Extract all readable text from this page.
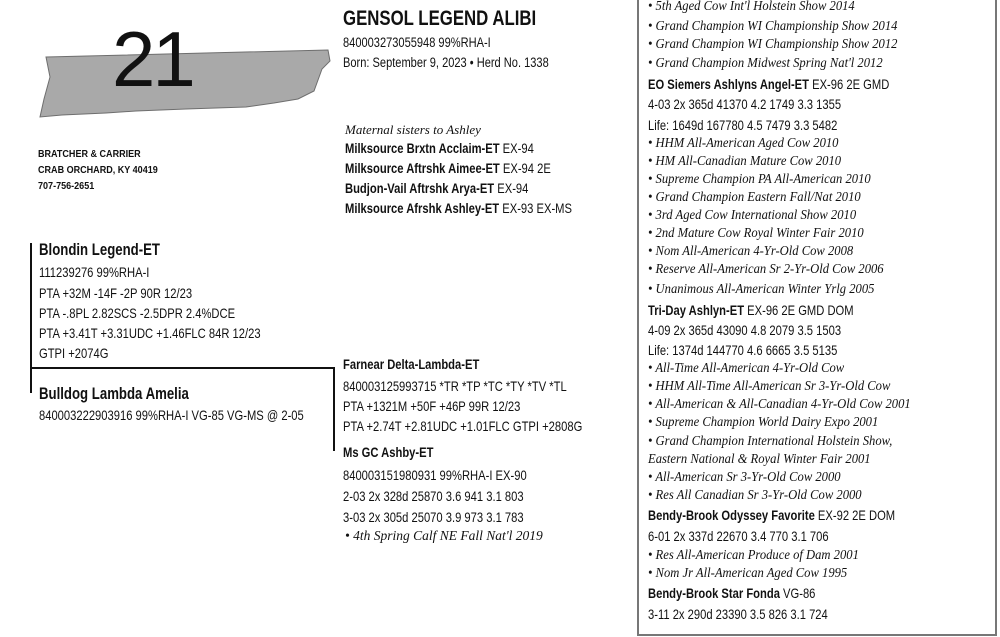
21
BRATCHER & CARRIER
CRAB ORCHARD, KY 40419
707-756-2651
GENSOL LEGEND ALIBI
840003273055948 99%RHA-I
Born: September 9, 2023 • Herd No. 1338
Maternal sisters to Ashley
Milksource Brxtn Acclaim-ET EX-94
Milksource Aftrshk Aimee-ET EX-94 2E
Budjon-Vail Aftrshk Arya-ET EX-94
Milksource Afrshk Ashley-ET EX-93 EX-MS
Blondin Legend-ET
111239276 99%RHA-I
PTA +32M -14F -2P 90R 12/23
PTA -.8PL 2.82SCS -2.5DPR 2.4%DCE
PTA +3.41T +3.31UDC +1.46FLC 84R 12/23
GTPI +2074G
Bulldog Lambda Amelia
840003222903916 99%RHA-I VG-85 VG-MS @ 2-05
Farnear Delta-Lambda-ET
840003125993715 *TR *TP *TC *TY *TV *TL
PTA +1321M +50F +46P 99R 12/23
PTA +2.74T +2.81UDC +1.01FLC GTPI +2808G
Ms GC Ashby-ET
840003151980931 99%RHA-I EX-90
2-03 2x 328d 25870 3.6 941 3.1 803
3-03 2x 305d 25070 3.9 973 3.1 783
• 4th Spring Calf NE Fall Nat'l 2019
• 5th Aged Cow Int'l Holstein Show 2014
• Grand Champion WI Championship Show 2014
• Grand Champion WI Championship Show 2012
• Grand Champion Midwest Spring Nat'l 2012
EO Siemers Ashlyns Angel-ET EX-96 2E GMD
4-03 2x 365d 41370 4.2 1749 3.3 1355
Life: 1649d 167780 4.5 7479 3.3 5482
• HHM All-American Aged Cow 2010
• HM All-Canadian Mature Cow 2010
• Supreme Champion PA All-American 2010
• Grand Champion Eastern Fall/Nat 2010
• 3rd Aged Cow International Show 2010
• 2nd Mature Cow Royal Winter Fair 2010
• Nom All-American 4-Yr-Old Cow 2008
• Reserve All-American Sr 2-Yr-Old Cow 2006
• Unanimous All-American Winter Yrlg 2005
Tri-Day Ashlyn-ET EX-96 2E GMD DOM
4-09 2x 365d 43090 4.8 2079 3.5 1503
Life: 1374d 144770 4.6 6665 3.5 5135
• All-Time All-American 4-Yr-Old Cow
• HHM All-Time All-American Sr 3-Yr-Old Cow
• All-American & All-Canadian 4-Yr-Old Cow 2001
• Supreme Champion World Dairy Expo 2001
• Grand Champion International Holstein Show,
Eastern National & Royal Winter Fair 2001
• All-American Sr 3-Yr-Old Cow 2000
• Res All Canadian Sr 3-Yr-Old Cow 2000
Bendy-Brook Odyssey Favorite EX-92 2E DOM
6-01 2x 337d 22670 3.4 770 3.1 706
• Res All-American Produce of Dam 2001
• Nom Jr All-American Aged Cow 1995
Bendy-Brook Star Fonda VG-86
3-11 2x 290d 23390 3.5 826 3.1 724
